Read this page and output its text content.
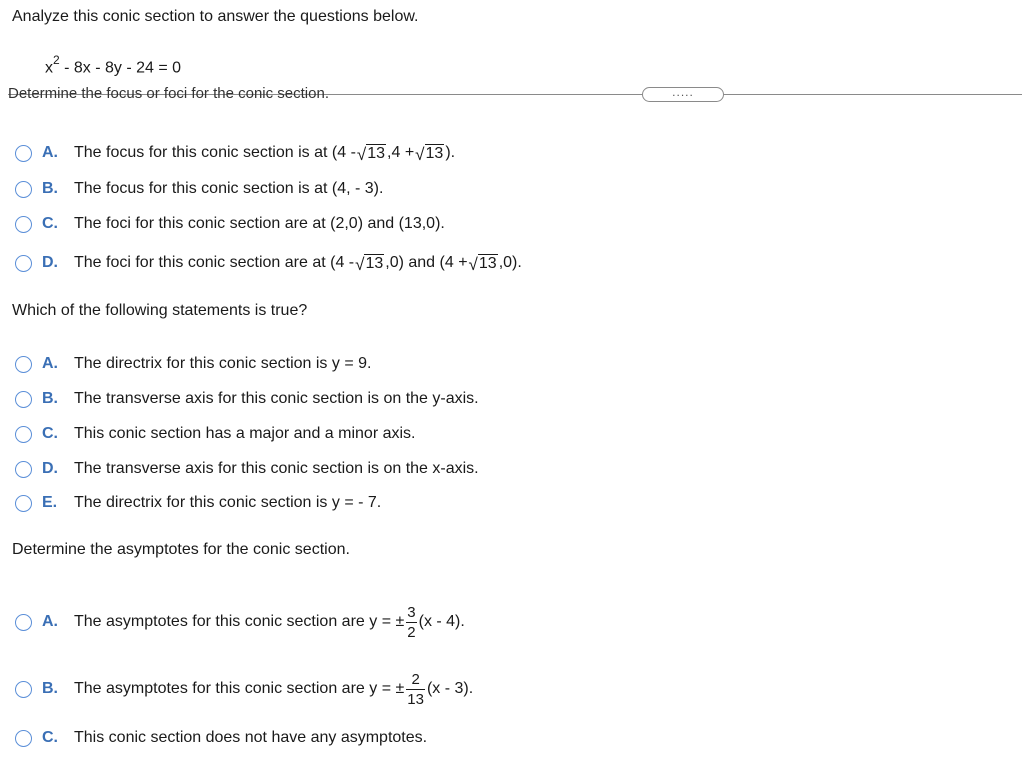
Analyze this conic section to answer the questions below.
$x^2 - 8x - 8y - 24 = 0$
Determine the focus or foci for the conic section.	.....
A.	The focus for this conic section is at (4 - √ 13 ,4 + √ 13 ).
B.	The focus for this conic section is at (4, - 3).
C.	The foci for this conic section are at (2,0) and (13,0).
D.	The foci for this conic section are at (4 - √ 13 ,0) and (4 + √ 13 ,0).
Which of the following statements is true?
A.	The directrix for this conic section is y = 9.
B.	The transverse axis for this conic section is on the y-axis.
C.	This conic section has a major and a minor axis.
D.	The transverse axis for this conic section is on the x-axis.
E.	The directrix for this conic section is y = - 7.
Determine the asymptotes for the conic section.
A.	The asymptotes for this conic section are y = ± $\frac{3}{2} (x - 4)$.
B.	The asymptotes for this conic section are y = ± $\frac{2}{13} (x - 3)$.
C.	This conic section does not have any asymptotes.
